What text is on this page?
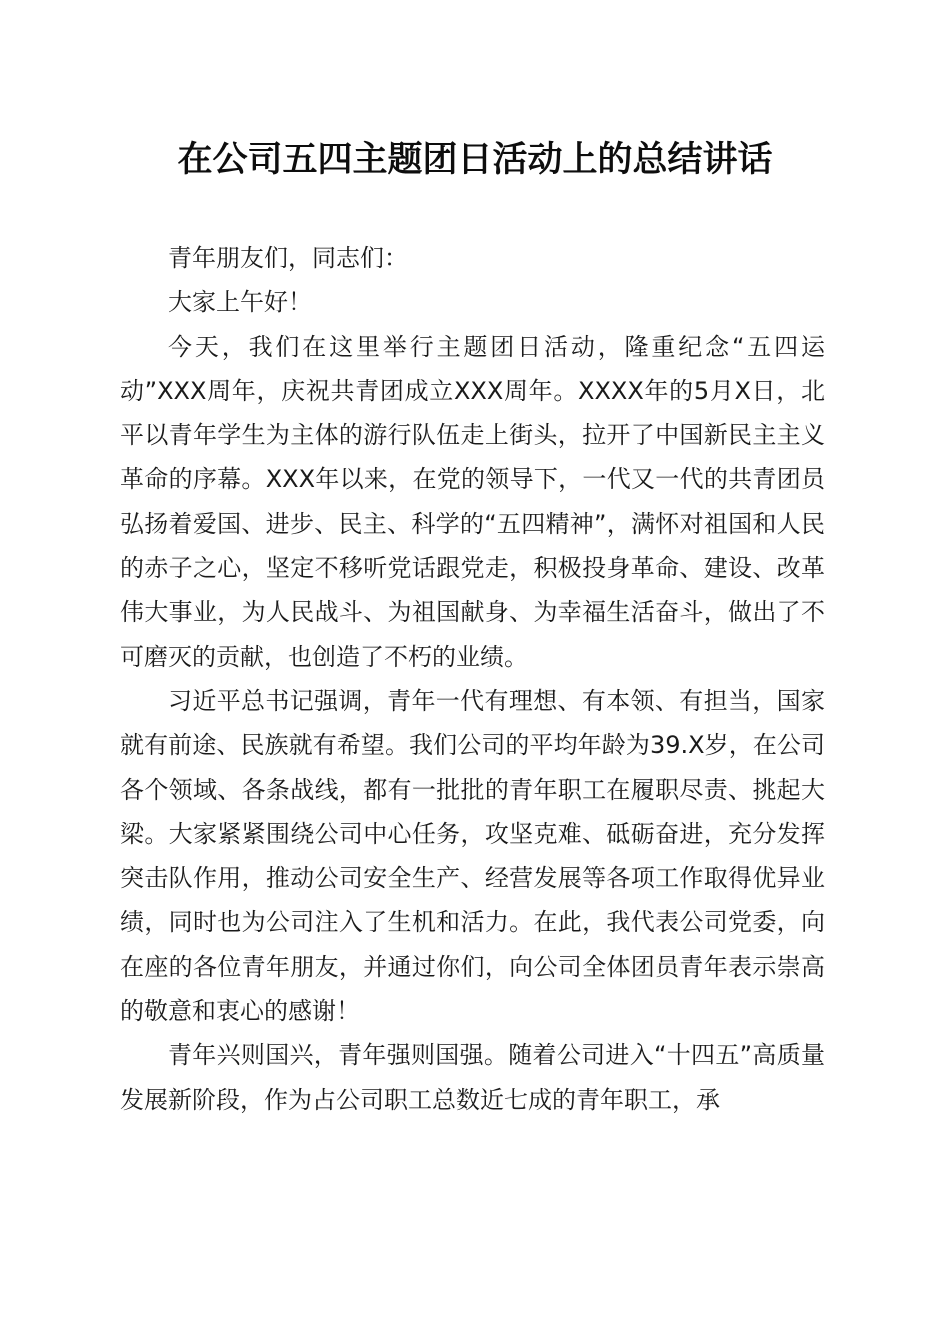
在公司五四主题团日活动上的总结讲话

青年朋友们，同志们：

大家上午好！

今天，我们在这里举行主题团日活动，隆重纪念“五四运动”XXX周年，庆祝共青团成立XXX周年。XXXX年的5月X日，北平以青年学生为主体的游行队伍走上街头，拉开了中国新民主主义革命的序幕。XXX年以来，在党的领导下，一代又一代的共青团员弘扬着爱国、进步、民主、科学的“五四精神”，满怀对祖国和人民的赤子之心，坚定不移听党话跟党走，积极投身革命、建设、改革伟大事业，为人民战斗、为祖国献身、为幸福生活奋斗，做出了不可磨灭的贡献，也创造了不朽的业绩。

习近平总书记强调，青年一代有理想、有本领、有担当，国家就有前途、民族就有希望。我们公司的平均年龄为39.X岁，在公司各个领域、各条战线，都有一批批的青年职工在履职尽责、挑起大梁。大家紧紧围绕公司中心任务，攻坚克难、砥砺奋进，充分发挥突击队作用，推动公司安全生产、经营发展等各项工作取得优异业绩，同时也为公司注入了生机和活力。在此，我代表公司党委，向在座的各位青年朋友，并通过你们，向公司全体团员青年表示崇高的敬意和衷心的感谢！

青年兴则国兴，青年强则国强。随着公司进入“十四五”高质量发展新阶段，作为占公司职工总数近七成的青年职工，承
